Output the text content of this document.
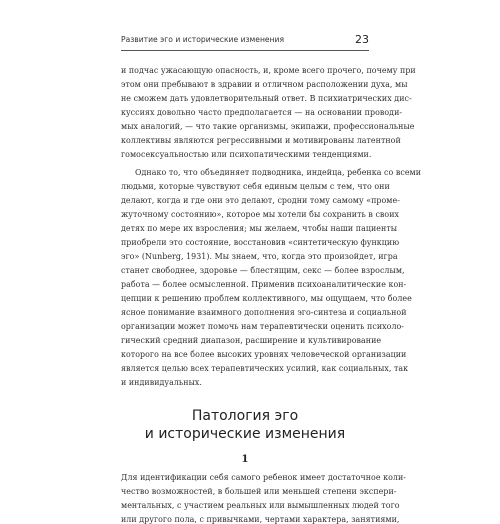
Развитие эго и исторические изменения	23
и подчас ужасающую опасность, и, кроме всего прочего, почему при
этом они пребывают в здравии и отличном расположении духа, мы
не сможем дать удовлетворительный ответ. В психиатрических дис-
куссиях довольно часто предполагается — на основании проводи-
мых аналогий, — что такие организмы, экипажи, профессиональные
коллективы являются регрессивными и мотивированы латентной
гомосексуальностью или психопатическими тенденциями.
Однако то, что объединяет подводника, индейца, ребенка со всеми
людьми, которые чувствуют себя единым целым с тем, что они
делают, когда и где они это делают, сродни тому самому «проме-
жуточному состоянию», которое мы хотели бы сохранить в своих
детях по мере их взросления; мы желаем, чтобы наши пациенты
приобрели это состояние, восстановив «синтетическую функцию
эго» (Nunberg, 1931). Мы знаем, что, когда это произойдет, игра
станет свободнее, здоровье — блестящим, секс — более взрослым,
работа — более осмысленной. Применив психоаналитические кон-
цепции к решению проблем коллективного, мы ощущаем, что более
ясное понимание взаимного дополнения эго-синтеза и социальной
организации может помочь нам терапевтически оценить психоло-
гический средний диапазон, расширение и культивирование
которого на все более высоких уровнях человеческой организации
является целью всех терапевтических усилий, как социальных, так
и индивидуальных.
Патология эго
и исторические изменения
1
Для идентификации себя самого ребенок имеет достаточное коли-
чество возможностей, в большей или меньшей степени экспери-
ментальных, с участием реальных или вымышленных людей того
или другого пола, с привычками, чертами характера, занятиями,
